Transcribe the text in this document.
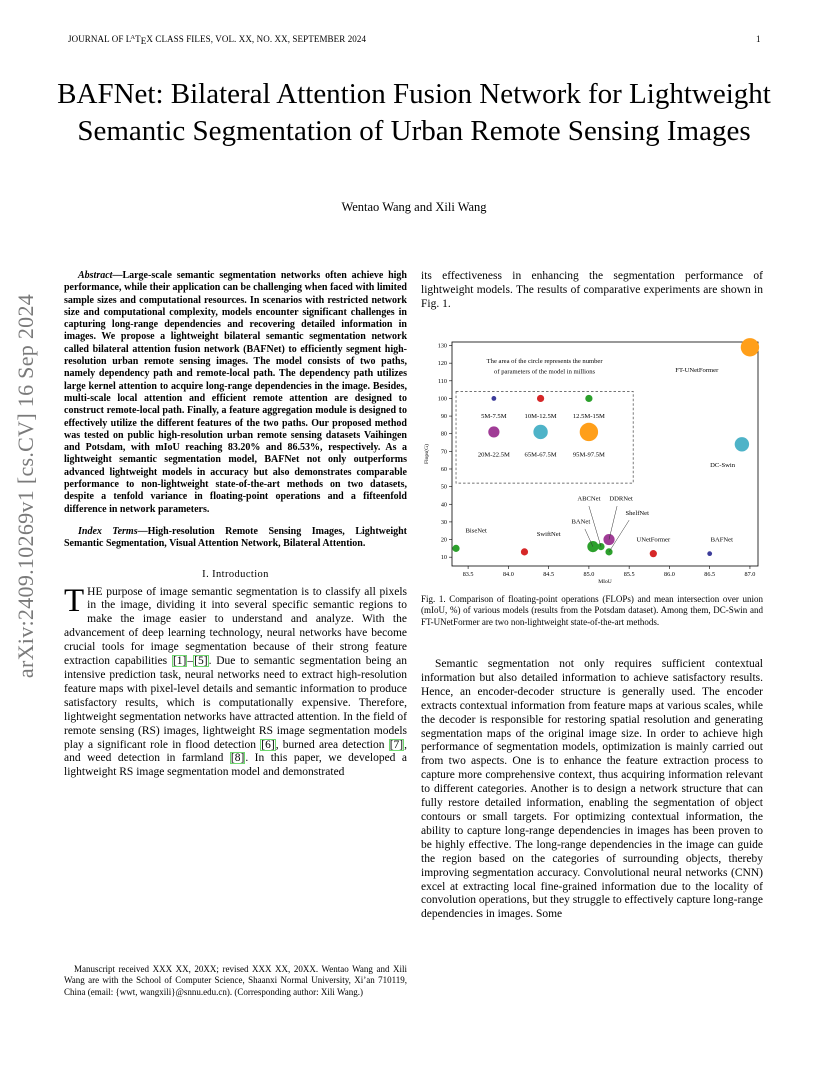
JOURNAL OF $L^ATEX$ CLASS FILES, VOL. XX, NO. XX, SEPTEMBER 2024	1
BAFNet: Bilateral Attention Fusion Network for Lightweight Semantic Segmentation of Urban Remote Sensing Images
Wentao Wang and Xili Wang
arXiv:2409.10269v1 [cs.CV] 16 Sep 2024

Abstract—Large-scale semantic segmentation networks often achieve high performance, while their application can be challenging when faced with limited sample sizes and computational resources. In scenarios with restricted network size and computational complexity, models encounter significant challenges in capturing long-range dependencies and recovering detailed information in images. We propose a lightweight bilateral semantic segmentation network called bilateral attention fusion network (BAFNet) to efficiently segment high-resolution urban remote sensing images. The model consists of two paths, namely dependency path and remote-local path. The dependency path utilizes large kernel attention to acquire long-range dependencies in the image. Besides, multi-scale local attention and efficient remote attention are designed to construct remote-local path. Finally, a feature aggregation module is designed to effectively utilize the different features of the two paths. Our proposed method was tested on public high-resolution urban remote sensing datasets Vaihingen and Potsdam, with mIoU reaching 83.20% and 86.53%, respectively. As a lightweight semantic segmentation model, BAFNet not only outperforms advanced lightweight models in accuracy but also demonstrates comparable performance to non-lightweight state-of-the-art methods on two datasets, despite a tenfold variance in floating-point operations and a fifteenfold difference in network parameters.

Index Terms—High-resolution Remote Sensing Images, Lightweight Semantic Segmentation, Visual Attention Network, Bilateral Attention.

I. Introduction

THE purpose of image semantic segmentation is to classify all pixels in the image, dividing it into several specific semantic regions to make the image easier to understand and analyze. With the advancement of deep learning technology, neural networks have become crucial tools for image segmentation because of their strong feature extraction capabilities [1]–[5]. Due to semantic segmentation being an intensive prediction task, neural networks need to extract high-resolution feature maps with pixel-level details and semantic information to produce satisfactory results, which is computationally expensive. Therefore, lightweight segmentation networks have attracted attention. In the field of remote sensing (RS) images, lightweight RS image segmentation models play a significant role in flood detection [6], burned area detection [7], and weed detection in farmland [8]. In this paper, we developed a lightweight RS image segmentation model and demonstrated

Manuscript received XXX XX, 20XX; revised XXX XX, 20XX. Wentao Wang and Xili Wang are with the School of Computer Science, Shaanxi Normal University, Xi’an 710119, China (email: {wwt, wangxili}@snnu.edu.cn). (Corresponding author: Xili Wang.)

its effectiveness in enhancing the segmentation performance of lightweight models. The results of comparative experiments are shown in Fig. 1.

83.5	84.0	84.5	85.0	85.5	86.0	86.5	87.0
10
20
30
40
50
60
70
80
90
100
110
120
130
MIoU
Flops(G)
The area of the circle represents the number
of parameters of the model in millions
5M-7.5M	10M-12.5M 12.5M-15M
20M-22.5M 65M-67.5M 95M-97.5M
BiseNet
SwiftNet
BANet
ABCNet DDRNet
ShelfNet
UNetFormer	BAFNet
DC-Swin
FT-UNetFormer

Fig. 1. Comparison of floating-point operations (FLOPs) and mean intersection over union (mIoU, %) of various models (results from the Potsdam dataset). Among them, DC-Swin and FT-UNetFormer are two non-lightweight state-of-the-art methods.

Semantic segmentation not only requires sufficient contextual information but also detailed information to achieve satisfactory results. Hence, an encoder-decoder structure is generally used. The encoder extracts contextual information from feature maps at various scales, while the decoder is responsible for restoring spatial resolution and generating segmentation maps of the original image size. In order to achieve high performance of segmentation models, optimization is mainly carried out from two aspects. One is to enhance the feature extraction process to capture more comprehensive context, thus acquiring information relevant to different categories. Another is to design a network structure that can fully restore detailed information, enabling the segmentation of object contours or small targets. For optimizing contextual information, the ability to capture long-range dependencies in images has been proven to be highly effective. The long-range dependencies in the image can guide the region based on the categories of surrounding objects, thereby improving segmentation accuracy. Convolutional neural networks (CNN) excel at extracting local fine-grained information due to the locality of convolution operations, but they struggle to effectively capture long-range dependencies in images. Some
